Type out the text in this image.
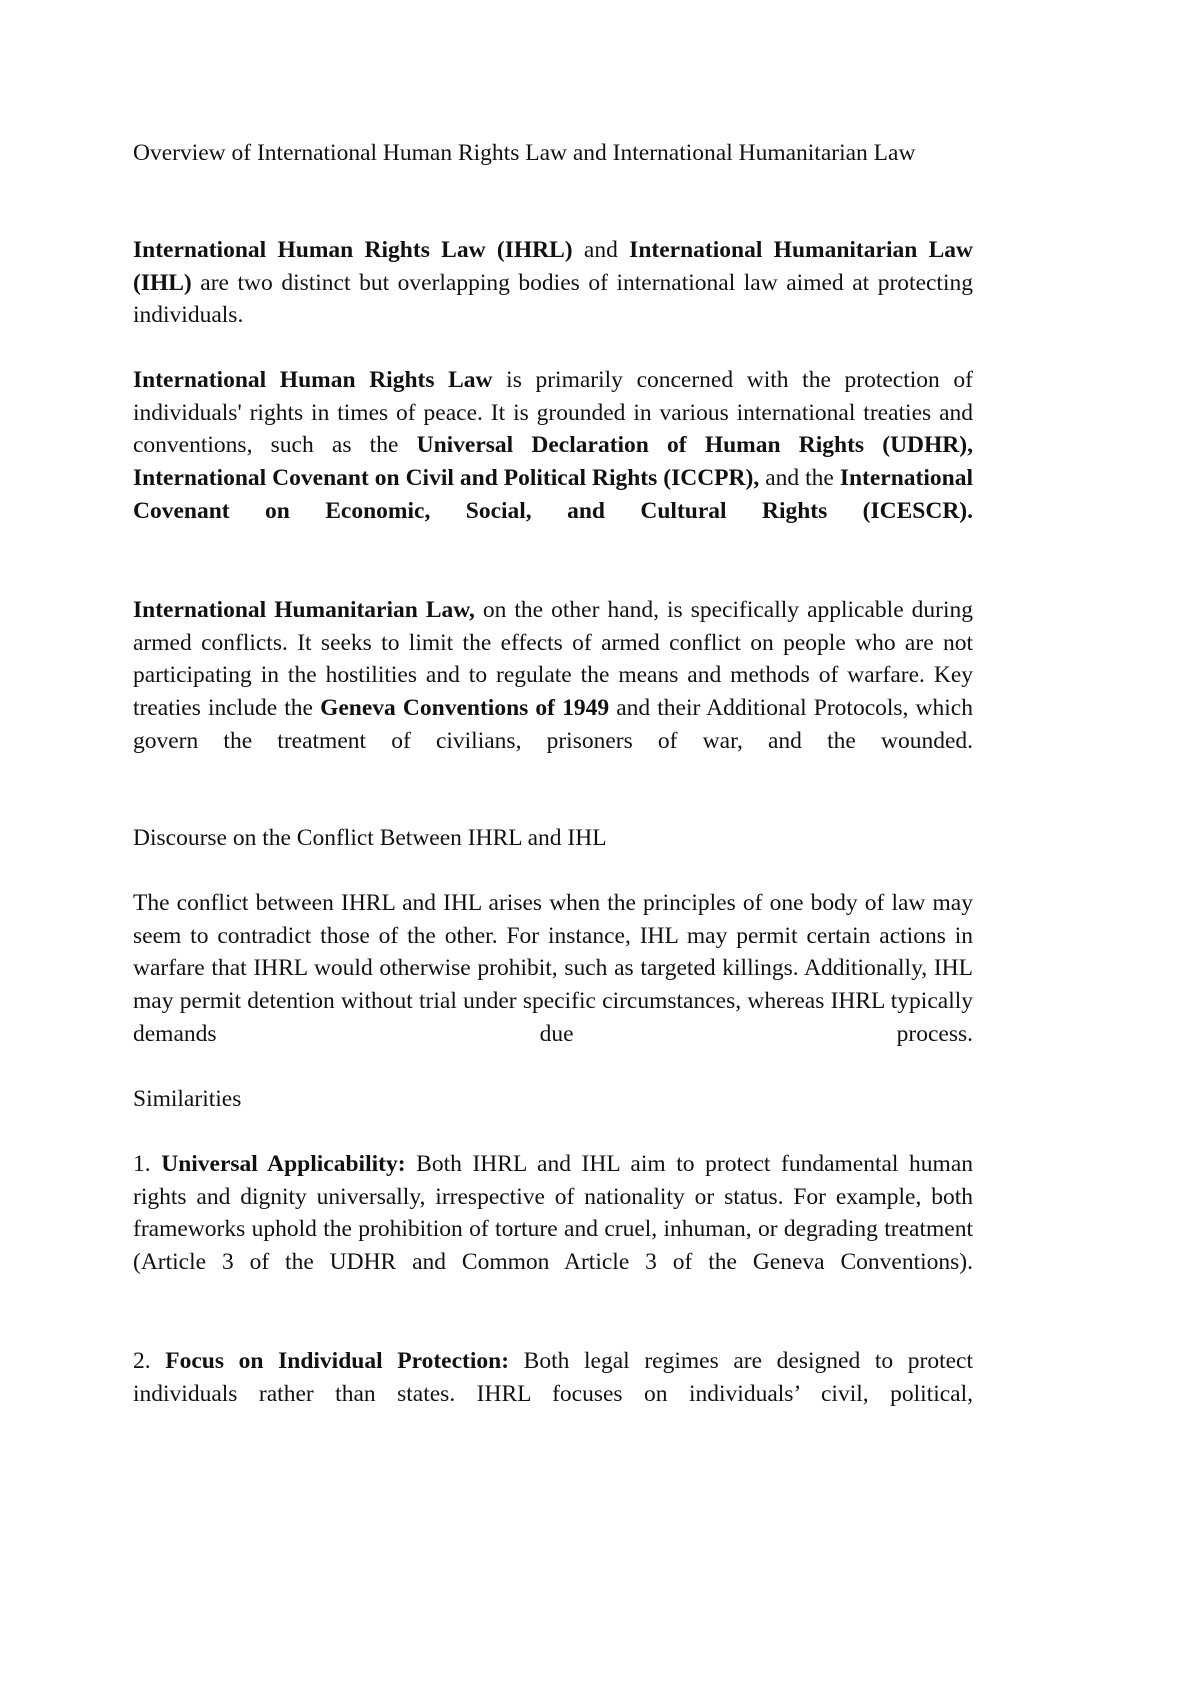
Overview of International Human Rights Law and International Humanitarian Law
International Human Rights Law (IHRL) and International Humanitarian Law (IHL) are two distinct but overlapping bodies of international law aimed at protecting individuals.
International Human Rights Law is primarily concerned with the protection of individuals' rights in times of peace. It is grounded in various international treaties and conventions, such as the Universal Declaration of Human Rights (UDHR), International Covenant on Civil and Political Rights (ICCPR), and the International Covenant on Economic, Social, and Cultural Rights (ICESCR).
International Humanitarian Law, on the other hand, is specifically applicable during armed conflicts. It seeks to limit the effects of armed conflict on people who are not participating in the hostilities and to regulate the means and methods of warfare. Key treaties include the Geneva Conventions of 1949 and their Additional Protocols, which govern the treatment of civilians, prisoners of war, and the wounded.
Discourse on the Conflict Between IHRL and IHL
The conflict between IHRL and IHL arises when the principles of one body of law may seem to contradict those of the other. For instance, IHL may permit certain actions in warfare that IHRL would otherwise prohibit, such as targeted killings. Additionally, IHL may permit detention without trial under specific circumstances, whereas IHRL typically demands due process.
Similarities
1. Universal Applicability: Both IHRL and IHL aim to protect fundamental human rights and dignity universally, irrespective of nationality or status. For example, both frameworks uphold the prohibition of torture and cruel, inhuman, or degrading treatment (Article 3 of the UDHR and Common Article 3 of the Geneva Conventions).
2. Focus on Individual Protection: Both legal regimes are designed to protect individuals rather than states. IHRL focuses on individuals’ civil, political,
